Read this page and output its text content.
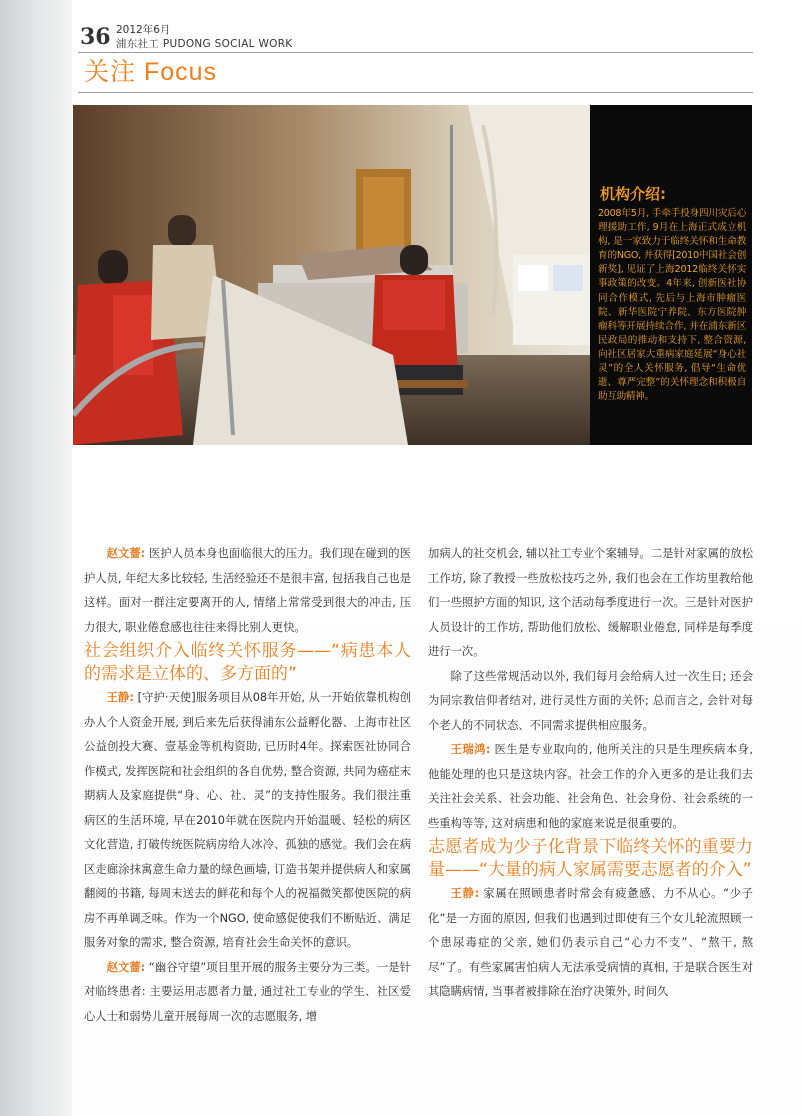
36 2012年6月
浦东社工 PUDONG SOCIAL WORK
关注 Focus
机构介绍:
2008年5月, 手牵手投身四川灾后心理援助工作, 9月在上海正式成立机构, 是一家致力于临终关怀和生命教育的NGO, 并获得[2010中国社会创新奖], 见证了上海2012临终关怀实事政策的改变。4年来, 创新医社协同合作模式, 先后与上海市肿瘤医院、新华医院宁养院、东方医院肿瘤科等开展持续合作, 并在浦东新区民政局的推动和支持下, 整合资源, 向社区居家大重病家庭延展“身心社灵”的全人关怀服务, 倡导“生命优逝、尊严完整”的关怀理念和积极自助互助精神。

赵文薔: 医护人员本身也面临很大的压力。我们现在碰到的医护人员, 年纪大多比较轻, 生活经验还不是很丰富, 包括我自己也是这样。面对一群注定要离开的人, 情绪上常常受到很大的冲击, 压力很大, 职业倦怠感也往往来得比别人更快。

社会组织介入临终关怀服务——“病患本人的需求是立体的、多方面的”

王静: [守护·天使]服务项目从08年开始, 从一开始依靠机构创办人个人资金开展, 到后来先后获得浦东公益孵化器、上海市社区公益创投大赛、壹基金等机构资助, 已历时4年。探索医社协同合作模式, 发挥医院和社会组织的各自优势, 整合资源, 共同为癌症末期病人及家庭提供“身、心、社、灵”的支持性服务。我们很注重病区的生活环境, 早在2010年就在医院内开始温暖、轻松的病区文化营造, 打破传统医院病房给人冰冷、孤独的感觉。我们会在病区走廊涂抹寓意生命力量的绿色画墙, 订造书架并提供病人和家属翻阅的书籍, 每周末送去的鲜花和每个人的祝福微笑都使医院的病房不再单调乏味。作为一个NGO, 使命感促使我们不断贴近、满足服务对象的需求, 整合资源, 培育社会生命关怀的意识。

赵文薔: “幽谷守望”项目里开展的服务主要分为三类。一是针对临终患者: 主要运用志愿者力量, 通过社工专业的学生、社区爱心人士和弱势儿童开展每周一次的志愿服务, 增

加病人的社交机会, 辅以社工专业个案辅导。二是针对家属的放松工作坊, 除了教授一些放松技巧之外, 我们也会在工作坊里教给他们一些照护方面的知识, 这个活动每季度进行一次。三是针对医护人员设计的工作坊, 帮助他们放松、缓解职业倦怠, 同样是每季度进行一次。

除了这些常规活动以外, 我们每月会给病人过一次生日; 还会为同宗教信仰者结对, 进行灵性方面的关怀; 总而言之, 会针对每个老人的不同状态、不同需求提供相应服务。

王瑞鸿: 医生是专业取向的, 他所关注的只是生理疾病本身, 他能处理的也只是这块内容。社会工作的介入更多的是让我们去关注社会关系、社会功能、社会角色、社会身份、社会系统的一些重构等等, 这对病患和他的家庭来说是很重要的。

志愿者成为少子化背景下临终关怀的重要力量——“大量的病人家属需要志愿者的介入”

王静: 家属在照顾患者时常会有疲惫感、力不从心。“少子化”是一方面的原因, 但我们也遇到过即使有三个女儿轮流照顾一个患尿毒症的父亲, 她们仍表示自己“心力不支”、“熬干, 熬尽”了。有些家属害怕病人无法承受病情的真相, 于是联合医生对其隐瞒病情, 当事者被排除在治疗决策外, 时间久
